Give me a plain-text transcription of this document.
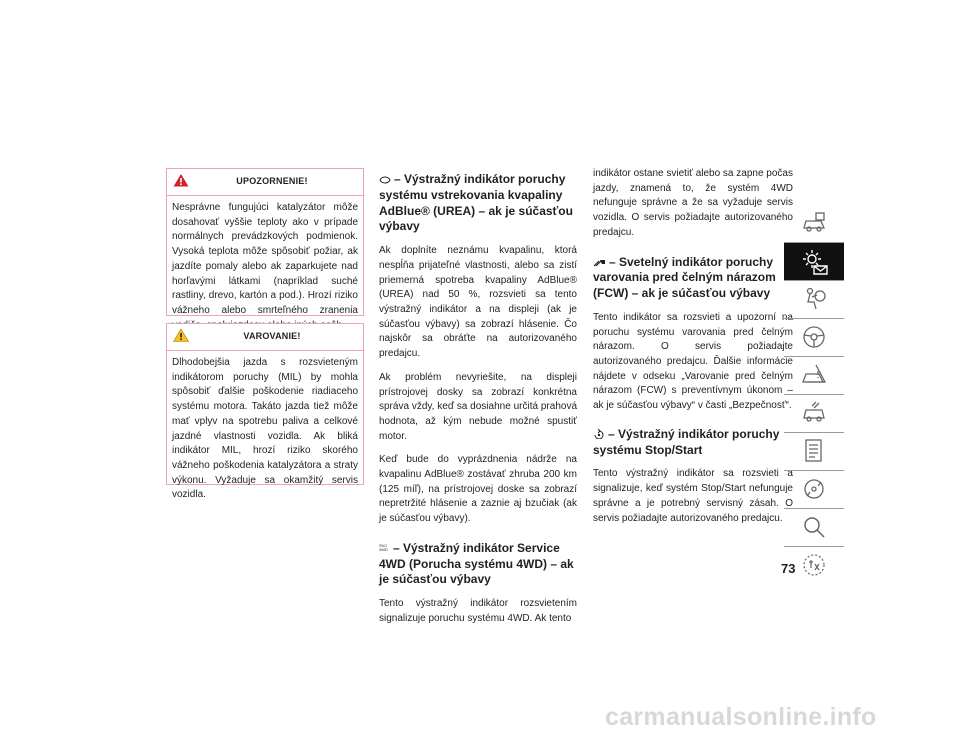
UPOZORNENIE!
Nesprávne fungujúci katalyzátor môže dosahovať vyššie teploty ako v prípade normálnych prevádzkových podmienok. Vysoká teplota môže spôsobiť požiar, ak jazdíte pomaly alebo ak zaparkujete nad horľavými látkami (napríklad suché rastliny, drevo, kartón a pod.). Hrozí riziko vážneho alebo smrteľného zranenia
VAROVANIE!
Dlhodobejšia jazda s rozsvieteným indikátorom poruchy (MIL) by mohla spôsobiť ďalšie poškodenie riadiaceho systému motora. Takáto jazda tiež môže mať vplyv na spotrebu paliva a celkové jazdné vlastnosti vozidla. Ak bliká indikátor MIL, hrozí riziko skorého vážneho poškodenia katalyzátora a straty výkonu. Vyžaduje sa okamžitý servis vozidla.
– Výstražný indikátor poruchy systému vstrekovania kvapaliny AdBlue® (UREA) – ak je súčasťou výbavy

Ak doplníte neznámu kvapalinu, ktorá nespĺňa prijateľné vlastnosti, alebo sa zistí priemerná spotreba kvapaliny AdBlue® (UREA) nad 50 %, rozsvieti sa tento výstražný indikátor a na displeji (ak je súčasťou výbavy) sa zobrazí hlásenie. Čo najskôr sa obráťte na autorizovaného predajcu.

Ak problém nevyriešite, na displeji prístrojovej dosky sa zobrazí konkrétna správa vždy, keď sa dosiahne určitá prahová hodnota, až kým nebude možné spustiť motor.

Keď bude do vyprázdnenia nádrže na kvapalinu AdBlue® zostávať zhruba 200 km (125 míľ), na prístrojovej doske sa zobrazí nepretržité hlásenie a zaznie aj bzučiak (ak je súčasťou výbavy).

SVC 4WD – Výstražný indikátor Service 4WD (Porucha systému 4WD) – ak je súčasťou výbavy

Tento výstražný indikátor rozsvietením signalizuje poruchu systému 4WD. Ak tento

indikátor ostane svietiť alebo sa zapne počas jazdy, znamená to, že systém 4WD nefunguje správne a že sa vyžaduje servis vozidla. O servis požiadajte autorizovaného predajcu.

– Svetelný indikátor poruchy varovania pred čelným nárazom (FCW) – ak je súčasťou výbavy

Tento indikátor sa rozsvieti a upozorní na poruchu systému varovania pred čelným nárazom. O servis požiadajte autorizovaného predajcu. Ďalšie informácie nájdete v odseku „Varovanie pred čelným nárazom (FCW) s preventívnym úkonom – ak je súčasťou výbavy“ v časti „Bezpečnosť“.

– Výstražný indikátor poruchy systému Stop/Start

Tento výstražný indikátor sa rozsvieti a signalizuje, keď systém Stop/Start nefunguje správne a je potrebný servisný zásah. O servis požiadajte autorizovaného predajcu.

73
carmanualsonline.info
